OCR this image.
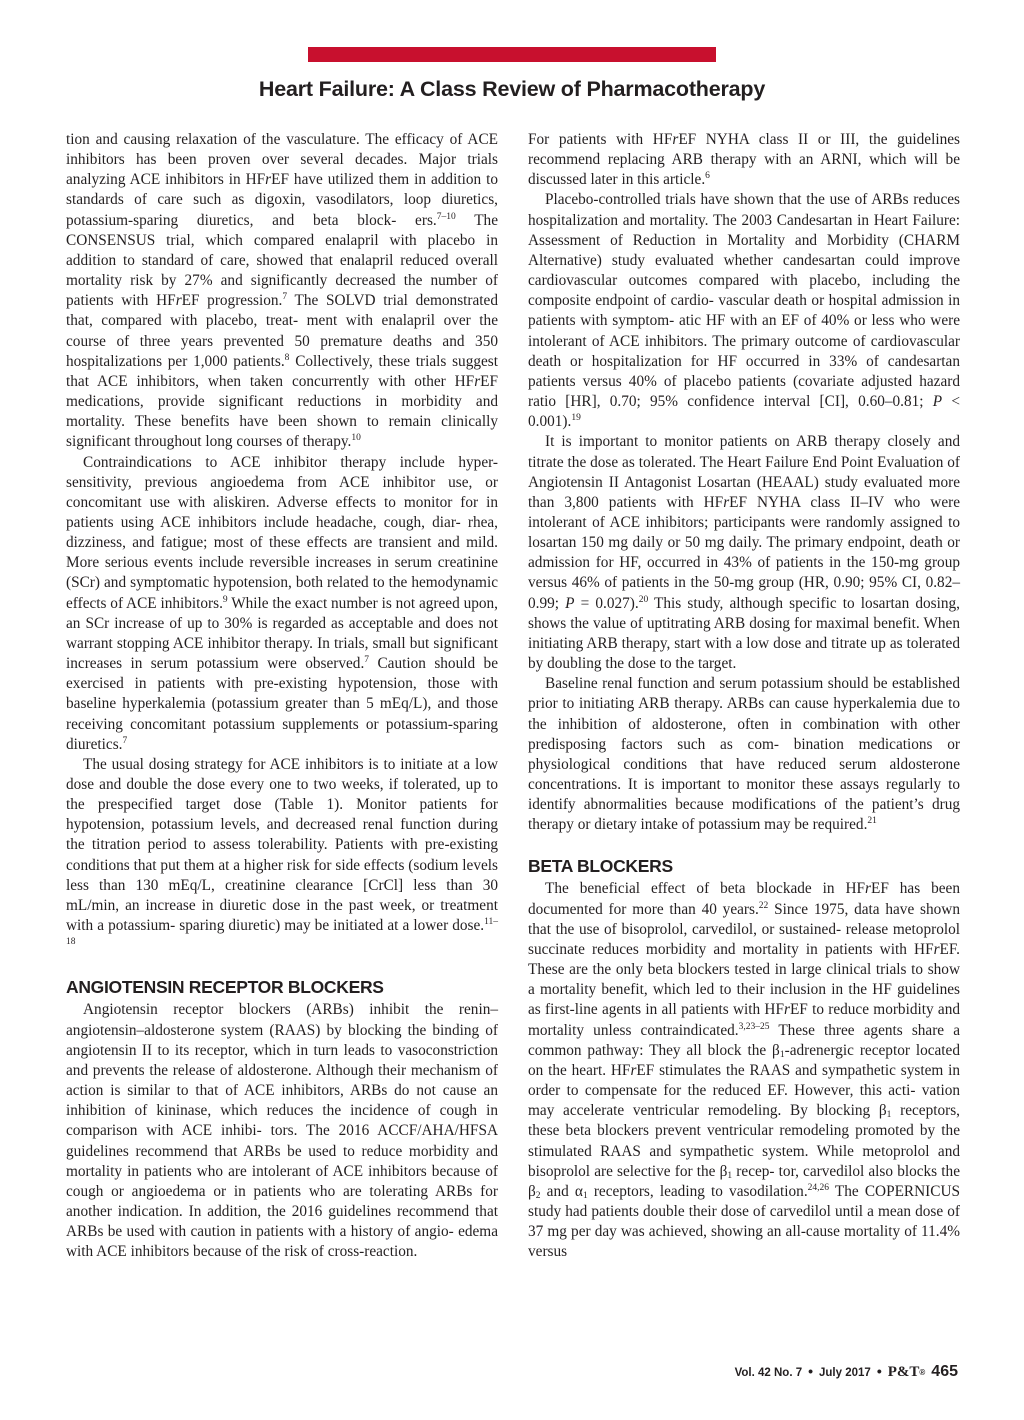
Heart Failure: A Class Review of Pharmacotherapy

tion and causing relaxation of the vasculature. The efficacy of ACE inhibitors has been proven over several decades. Major trials analyzing ACE inhibitors in HFrEF have utilized them in addition to standards of care such as digoxin, vasodilators, loop diuretics, potassium-sparing diuretics, and beta block- ers.$^{7-10}$ The CONSENSUS trial, which compared enalapril with placebo in addition to standard of care, showed that enalapril reduced overall mortality risk by 27% and significantly decreased the number of patients with HFrEF progression.$^7$ The SOLVD trial demonstrated that, compared with placebo, treat- ment with enalapril over the course of three years prevented 50 premature deaths and 350 hospitalizations per 1,000 patients.$^8$ Collectively, these trials suggest that ACE inhibitors, when taken concurrently with other HFrEF medications, provide significant reductions in morbidity and mortality. These benefits have been shown to remain clinically significant throughout long courses of therapy.$^{10}$

Contraindications to ACE inhibitor therapy include hyper- sensitivity, previous angioedema from ACE inhibitor use, or concomitant use with aliskiren. Adverse effects to monitor for in patients using ACE inhibitors include headache, cough, diar- rhea, dizziness, and fatigue; most of these effects are transient and mild. More serious events include reversible increases in serum creatinine (SCr) and symptomatic hypotension, both related to the hemodynamic effects of ACE inhibitors.$^9$ While the exact number is not agreed upon, an SCr increase of up to 30% is regarded as acceptable and does not warrant stopping ACE inhibitor therapy. In trials, small but significant increases in serum potassium were observed.$^7$ Caution should be exercised in patients with pre-existing hypotension, those with baseline hyperkalemia (potassium greater than 5 mEq/L), and those receiving concomitant potassium supplements or potassium-sparing diuretics.$^7$

The usual dosing strategy for ACE inhibitors is to initiate at a low dose and double the dose every one to two weeks, if tolerated, up to the prespecified target dose (Table 1). Monitor patients for hypotension, potassium levels, and decreased renal function during the titration period to assess tolerability. Patients with pre-existing conditions that put them at a higher risk for side effects (sodium levels less than 130 mEq/L, creatinine clearance [CrCl] less than 30 mL/min, an increase in diuretic dose in the past week, or treatment with a potassium- sparing diuretic) may be initiated at a lower dose.$^{11-18}$

ANGIOTENSIN RECEPTOR BLOCKERS

Angiotensin receptor blockers (ARBs) inhibit the renin– angiotensin–aldosterone system (RAAS) by blocking the binding of angiotensin II to its receptor, which in turn leads to vasoconstriction and prevents the release of aldosterone. Although their mechanism of action is similar to that of ACE inhibitors, ARBs do not cause an inhibition of kininase, which reduces the incidence of cough in comparison with ACE inhibi- tors. The 2016 ACCF/AHA/HFSA guidelines recommend that ARBs be used to reduce morbidity and mortality in patients who are intolerant of ACE inhibitors because of cough or angioedema or in patients who are tolerating ARBs for another indication. In addition, the 2016 guidelines recommend that ARBs be used with caution in patients with a history of angio- edema with ACE inhibitors because of the risk of cross-reaction.

For patients with HFrEF NYHA class II or III, the guidelines recommend replacing ARB therapy with an ARNI, which will be discussed later in this article.$^6$

Placebo-controlled trials have shown that the use of ARBs reduces hospitalization and mortality. The 2003 Candesartan in Heart Failure: Assessment of Reduction in Mortality and Morbidity (CHARM Alternative) study evaluated whether candesartan could improve cardiovascular outcomes compared with placebo, including the composite endpoint of cardio- vascular death or hospital admission in patients with symptom- atic HF with an EF of 40% or less who were intolerant of ACE inhibitors. The primary outcome of cardiovascular death or hospitalization for HF occurred in 33% of candesartan patients versus 40% of placebo patients (covariate adjusted hazard ratio [HR], 0.70; 95% confidence interval [CI], 0.60–0.81; P < 0.001).$^{19}$

It is important to monitor patients on ARB therapy closely and titrate the dose as tolerated. The Heart Failure End Point Evaluation of Angiotensin II Antagonist Losartan (HEAAL) study evaluated more than 3,800 patients with HFrEF NYHA class II–IV who were intolerant of ACE inhibitors; participants were randomly assigned to losartan 150 mg daily or 50 mg daily. The primary endpoint, death or admission for HF, occurred in 43% of patients in the 150-mg group versus 46% of patients in the 50-mg group (HR, 0.90; 95% CI, 0.82–0.99; P = 0.027).$^{20}$ This study, although specific to losartan dosing, shows the value of uptitrating ARB dosing for maximal benefit. When initiating ARB therapy, start with a low dose and titrate up as tolerated by doubling the dose to the target.

Baseline renal function and serum potassium should be established prior to initiating ARB therapy. ARBs can cause hyperkalemia due to the inhibition of aldosterone, often in combination with other predisposing factors such as com- bination medications or physiological conditions that have reduced serum aldosterone concentrations. It is important to monitor these assays regularly to identify abnormalities because modifications of the patient’s drug therapy or dietary intake of potassium may be required.$^{21}$

BETA BLOCKERS

The beneficial effect of beta blockade in HFrEF has been documented for more than 40 years.$^{22}$ Since 1975, data have shown that the use of bisoprolol, carvedilol, or sustained- release metoprolol succinate reduces morbidity and mortality in patients with HFrEF. These are the only beta blockers tested in large clinical trials to show a mortality benefit, which led to their inclusion in the HF guidelines as first-line agents in all patients with HFrEF to reduce morbidity and mortality unless contraindicated.$^{3,23-25}$ These three agents share a common pathway: They all block the $\beta_1$-adrenergic receptor located on the heart. HFrEF stimulates the RAAS and sympathetic system in order to compensate for the reduced EF. However, this acti- vation may accelerate ventricular remodeling. By blocking $\beta_1$ receptors, these beta blockers prevent ventricular remodeling promoted by the stimulated RAAS and sympathetic system. While metoprolol and bisoprolol are selective for the $\beta_1$ recep- tor, carvedilol also blocks the $\beta_2$ and $\alpha_1$ receptors, leading to vasodilation.$^{24,26}$ The COPERNICUS study had patients double their dose of carvedilol until a mean dose of 37 mg per day was achieved, showing an all-cause mortality of 11.4% versus

Vol. 42 No. 7 • July 2017 • P&T® 465
